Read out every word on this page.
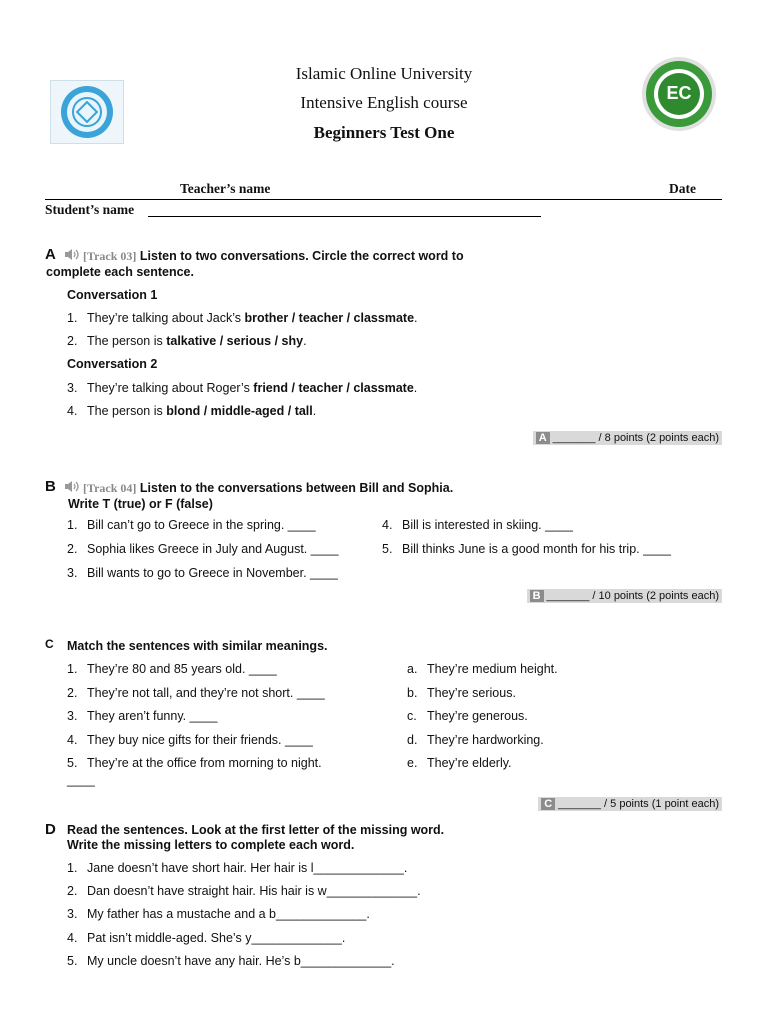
EC
Islamic Online University
Intensive English course
Beginners Test One
Teacher’s name	Date
Student’s name
A	[Track 03] Listen to two conversations. Circle the correct word to
complete each sentence.
Conversation 1
1. They’re talking about Jack’s brother / teacher / classmate.
2. The person is talkative / serious / shy.
Conversation 2
3. They’re talking about Roger’s friend / teacher / classmate.
4. The person is blond / middle-aged / tall.
A _______ / 8 points (2 points each)
B	[Track 04] Listen to the conversations between Bill and Sophia.
Write T (true) or F (false)
1. Bill can’t go to Greece in the spring. ____
2. Sophia likes Greece in July and August. ____
3. Bill wants to go to Greece in November. ____
4. Bill is interested in skiing. ____
5. Bill thinks June is a good month for his trip. ____
B _______ / 10 points (2 points each)
C Match the sentences with similar meanings.
1. They’re 80 and 85 years old. ____
2. They’re not tall, and they’re not short. ____
3. They aren’t funny. ____
4. They buy nice gifts for their friends. ____
5. They’re at the office from morning to night.
____
a. They’re medium height.
b. They’re serious.
c. They’re generous.
d. They’re hardworking.
e. They’re elderly.
C _______ / 5 points (1 point each)
D Read the sentences. Look at the first letter of the missing word.
Write the missing letters to complete each word.
1. Jane doesn’t have short hair. Her hair is l_____________.
2. Dan doesn’t have straight hair. His hair is w_____________.
3. My father has a mustache and a b_____________.
4. Pat isn’t middle-aged. She’s y_____________.
5. My uncle doesn’t have any hair. He’s b_____________.
